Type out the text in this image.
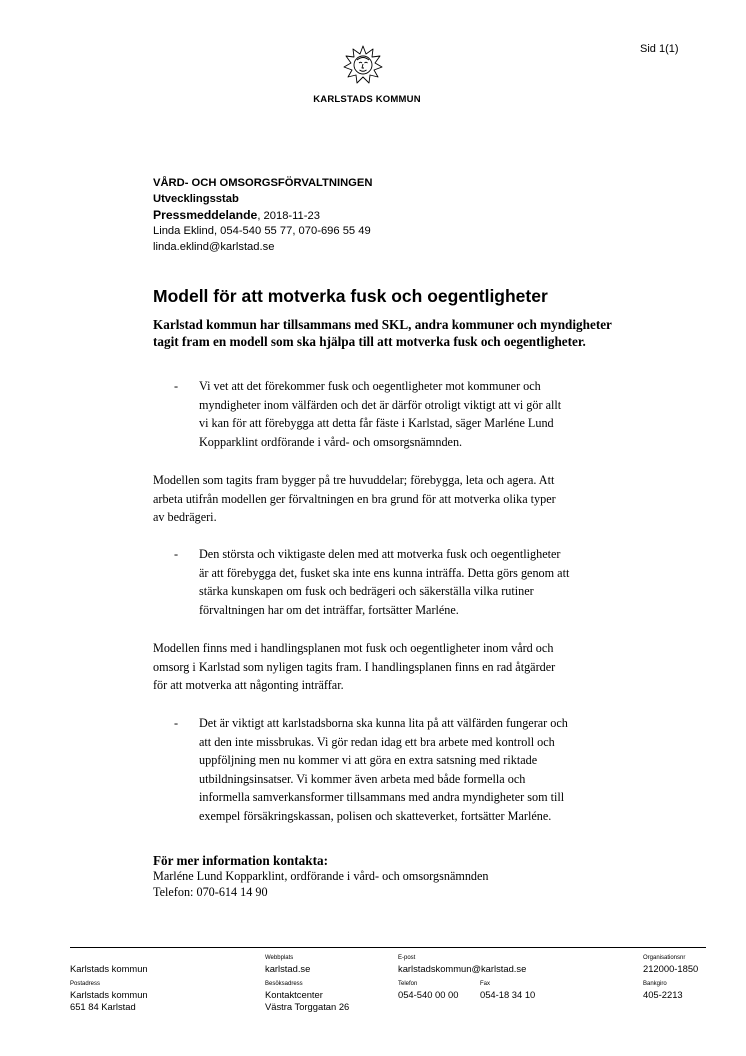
Sid 1(1)
KARLSTADS KOMMUN
VÅRD- OCH OMSORGSFÖRVALTNINGEN
Utvecklingsstab
Pressmeddelande, 2018-11-23
Linda Eklind, 054-540 55 77, 070-696 55 49
linda.eklind@karlstad.se
Modell för att motverka fusk och oegentligheter
Karlstad kommun har tillsammans med SKL, andra kommuner och myndigheter tagit fram en modell som ska hjälpa till att motverka fusk och oegentligheter.
- Vi vet att det förekommer fusk och oegentligheter mot kommuner och
myndigheter inom välfärden och det är därför otroligt viktigt att vi gör allt
vi kan för att förebygga att detta får fäste i Karlstad, säger Marléne Lund
Kopparklint ordförande i vård- och omsorgsnämnden.
Modellen som tagits fram bygger på tre huvuddelar; förebygga, leta och agera. Att
arbeta utifrån modellen ger förvaltningen en bra grund för att motverka olika typer
av bedrägeri.
- Den största och viktigaste delen med att motverka fusk och oegentligheter
är att förebygga det, fusket ska inte ens kunna inträffa. Detta görs genom att
stärka kunskapen om fusk och bedrägeri och säkerställa vilka rutiner
förvaltningen har om det inträffar, fortsätter Marléne.
Modellen finns med i handlingsplanen mot fusk och oegentligheter inom vård och
omsorg i Karlstad som nyligen tagits fram. I handlingsplanen finns en rad åtgärder
för att motverka att någonting inträffar.
- Det är viktigt att karlstadsborna ska kunna lita på att välfärden fungerar och
att den inte missbrukas. Vi gör redan idag ett bra arbete med kontroll och
uppföljning men nu kommer vi att göra en extra satsning med riktade
utbildningsinsatser. Vi kommer även arbeta med både formella och
informella samverkansformer tillsammans med andra myndigheter som till
exempel försäkringskassan, polisen och skatteverket, fortsätter Marléne.
För mer information kontakta:
Marléne Lund Kopparklint, ordförande i vård- och omsorgsnämnden
Telefon: 070-614 14 90
Karlstads kommun
Postadress
Karlstads kommun
651 84 Karlstad
Webbplats
karlstad.se
Besöksadress
Kontaktcenter
Västra Torggatan 26
E-post
karlstadskommun@karlstad.se
Telefon
054-540 00 00
Fax
054-18 34 10
Organisationsnr
212000-1850
Bankgiro
405-2213
